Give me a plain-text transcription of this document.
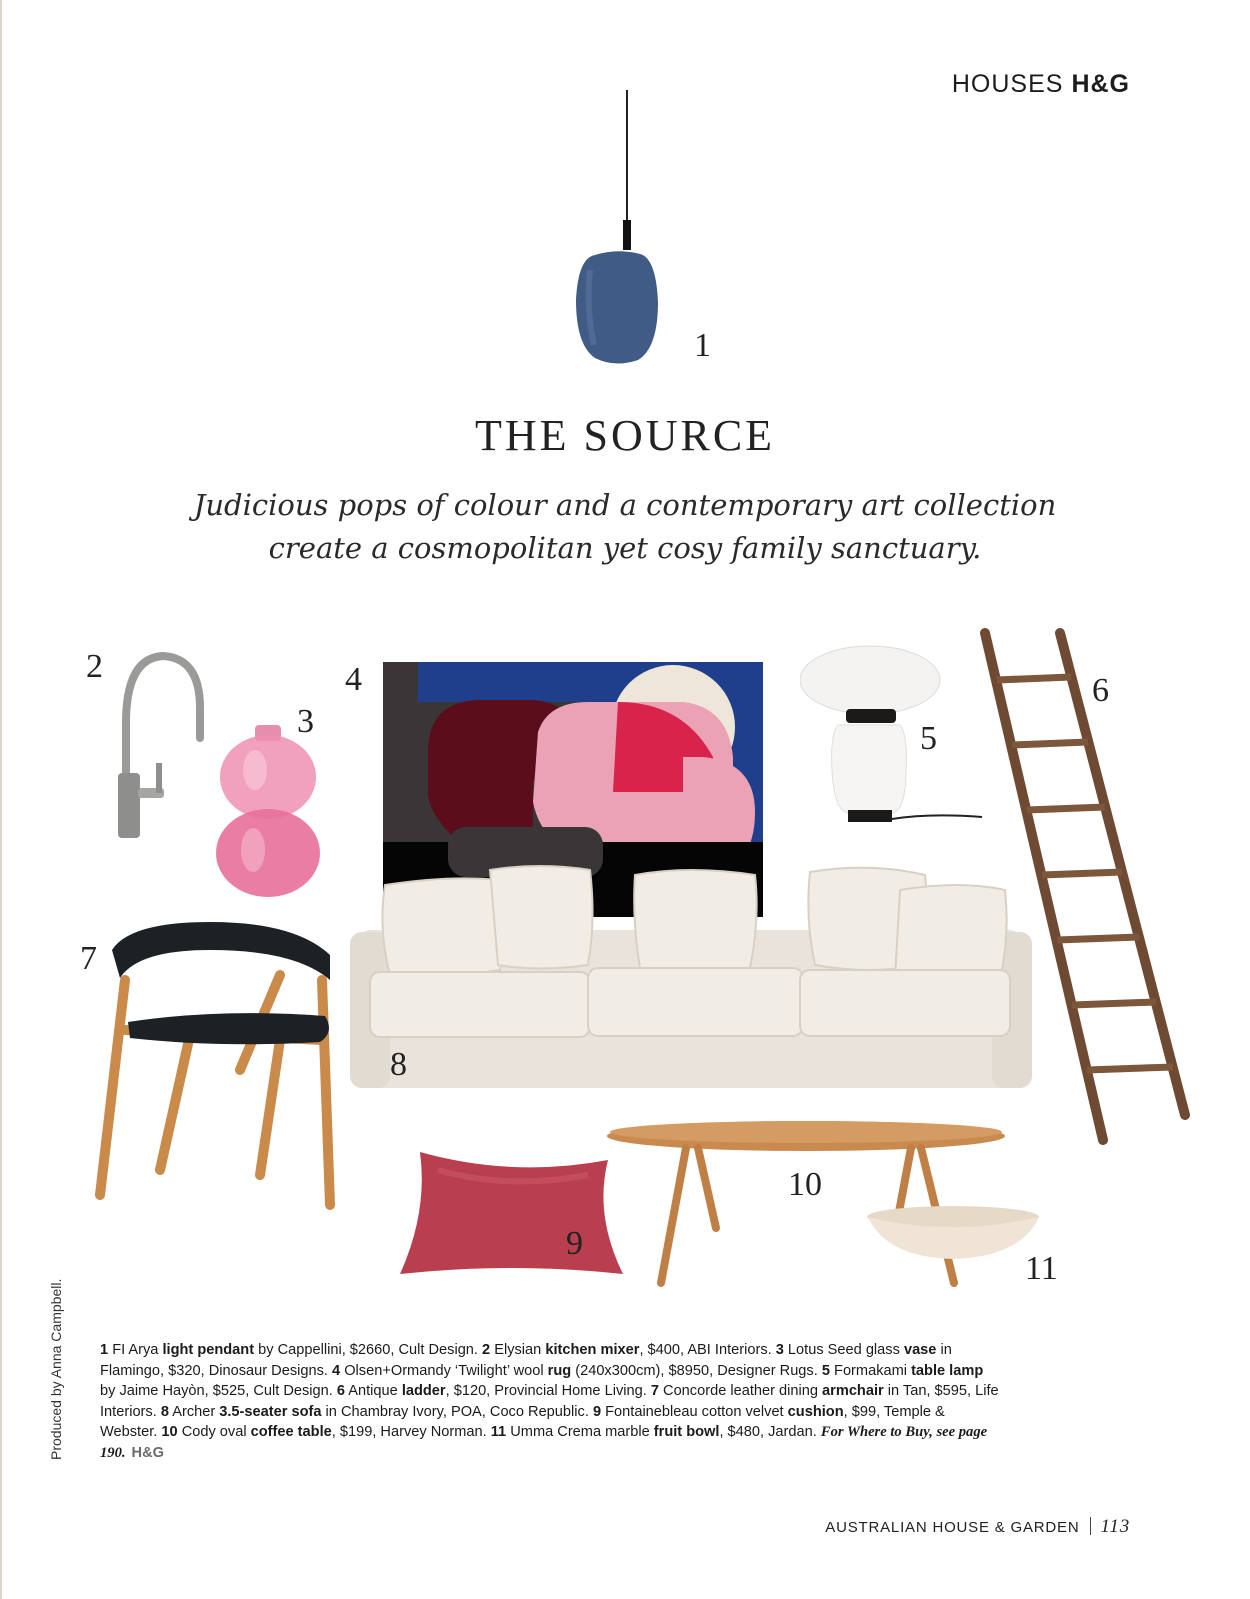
HOUSES H&G
1
THE SOURCE
Judicious pops of colour and a contemporary art collection
create a cosmopolitan yet cosy family sanctuary.
2
3
4
5
6
7
8
9
10
11
1 FI Arya light pendant by Cappellini, $2660, Cult Design. 2 Elysian kitchen mixer, $400, ABI Interiors. 3 Lotus Seed glass vase in Flamingo, $320, Dinosaur Designs. 4 Olsen+Ormandy ‘Twilight’ wool rug (240x300cm), $8950, Designer Rugs. 5 Formakami table lamp by Jaime Hayòn, $525, Cult Design. 6 Antique ladder, $120, Provincial Home Living. 7 Concorde leather dining armchair in Tan, $595, Life Interiors. 8 Archer 3.5-seater sofa in Chambray Ivory, POA, Coco Republic. 9 Fontainebleau cotton velvet cushion, $99, Temple & Webster. 10 Cody oval coffee table, $199, Harvey Norman. 11 Umma Crema marble fruit bowl, $480, Jardan. For Where to Buy, see page 190. H&G
Produced by Anna Campbell.
AUSTRALIAN HOUSE & GARDEN 113
